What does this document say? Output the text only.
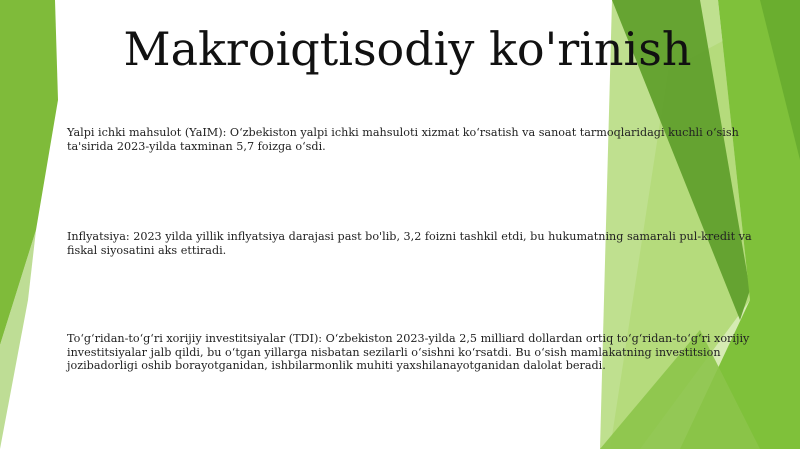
Makroiqtisodiy ko'rinish
Yalpi ichki mahsulot (YaIM): O‘zbekiston yalpi ichki mahsuloti xizmat ko‘rsatish va sanoat tarmoqlaridagi kuchli o‘sish ta'sirida 2023-yilda taxminan 5,7 foizga o‘sdi.
Inflyatsiya: 2023 yilda yillik inflyatsiya darajasi past bo'lib, 3,2 foizni tashkil etdi, bu hukumatning samarali pul-kredit va fiskal siyosatini aks ettiradi.
To‘g‘ridan-to‘g‘ri xorijiy investitsiyalar (TDI): O‘zbekiston 2023-yilda 2,5 milliard dollardan ortiq to‘g‘ridan-to‘g‘ri xorijiy investitsiyalar jalb qildi, bu o‘tgan yillarga nisbatan sezilarli o‘sishni ko‘rsatdi. Bu o‘sish mamlakatning investitsion jozibadorligi oshib borayotganidan, ishbilarmonlik muhiti yaxshilanayotganidan dalolat beradi.
